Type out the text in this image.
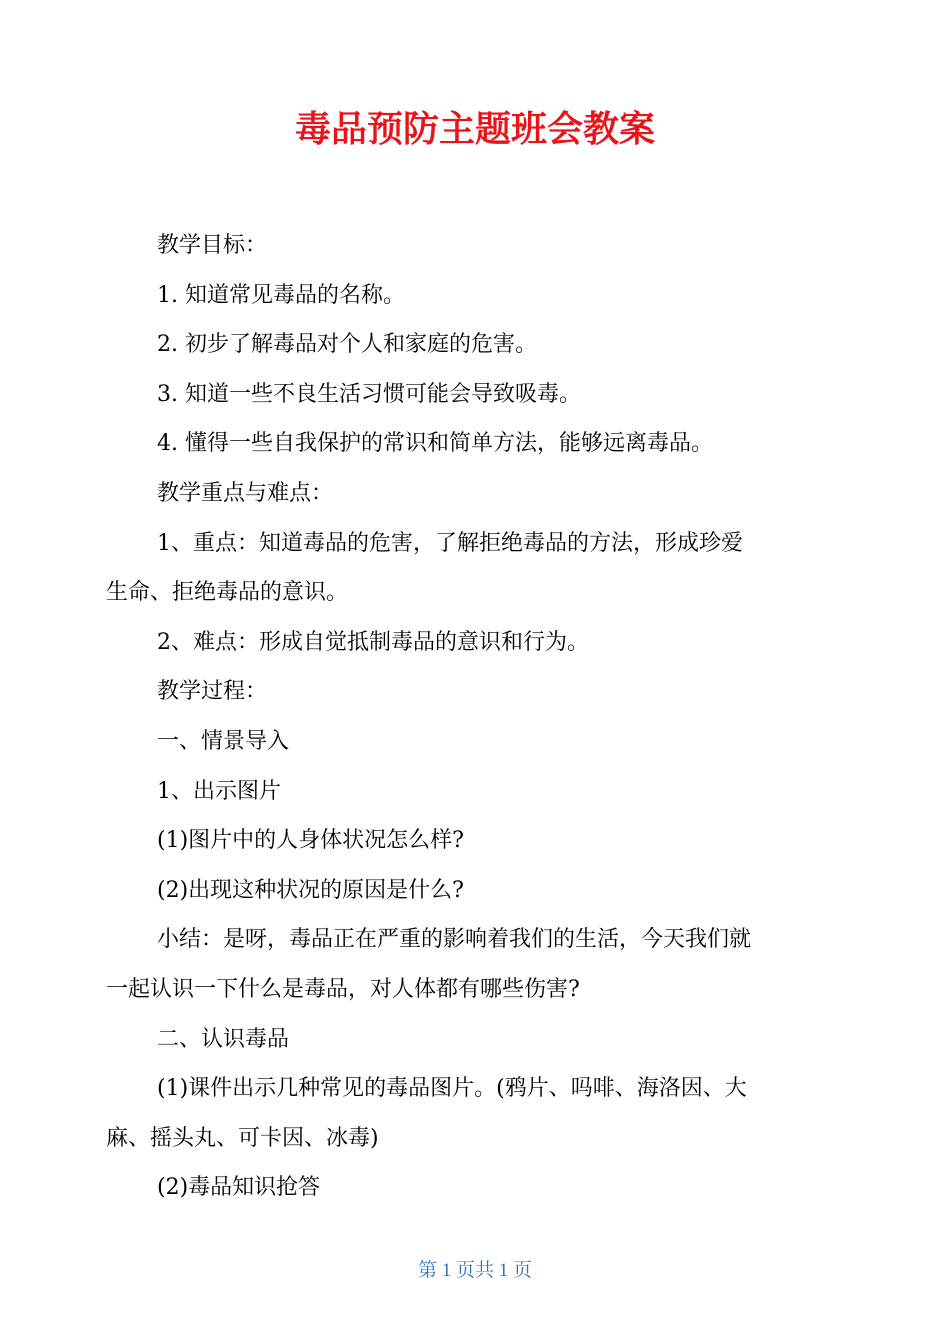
毒品预防主题班会教案

教学目标：

1. 知道常见毒品的名称。

2. 初步了解毒品对个人和家庭的危害。

3. 知道一些不良生活习惯可能会导致吸毒。

4. 懂得一些自我保护的常识和简单方法，能够远离毒品。

教学重点与难点：

1、重点：知道毒品的危害，了解拒绝毒品的方法，形成珍爱

生命、拒绝毒品的意识。

2、难点：形成自觉抵制毒品的意识和行为。

教学过程：

一、情景导入

1、出示图片

(1)图片中的人身体状况怎么样?

(2)出现这种状况的原因是什么?

小结：是呀，毒品正在严重的影响着我们的生活，今天我们就

一起认识一下什么是毒品，对人体都有哪些伤害?

二、认识毒品

(1)课件出示几种常见的毒品图片。(鸦片、吗啡、海洛因、大

麻、摇头丸、可卡因、冰毒)

(2)毒品知识抢答

第 1 页共 1 页
